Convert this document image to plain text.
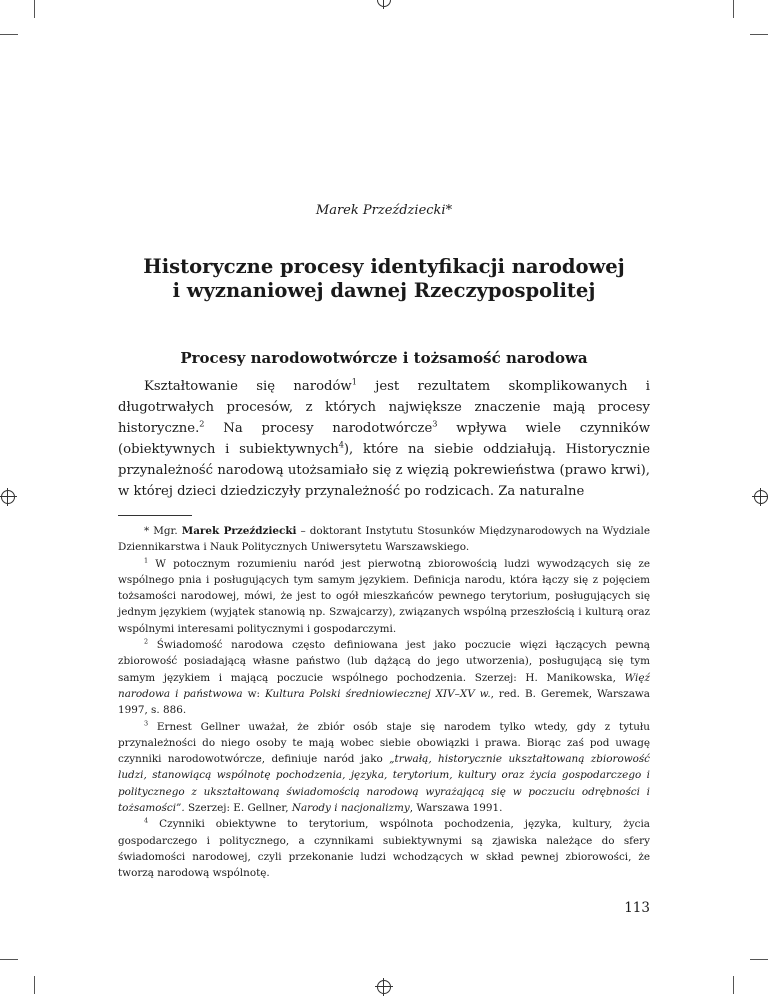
Marek Przeździecki*
Historyczne procesy identyfikacji narodowej
i wyznaniowej dawnej Rzeczypospolitej
Procesy narodowotwórcze i tożsamość narodowa

Kształtowanie się narodów$^1$ jest rezultatem skomplikowanych i długotrwałych procesów, z których największe znaczenie mają procesy historyczne.$^2$ Na procesy narodotwórcze$^3$ wpływa wiele czynników (obiektywnych i subiektywnych$^4$), które na siebie oddziałują. Historycznie przynależność narodową utożsamiało się z więzią pokrewieństwa (prawo krwi), w której dzieci dziedziczyły przynależność po rodzicach. Za naturalne

* Mgr. Marek Przeździecki – doktorant Instytutu Stosunków Międzynarodowych na Wydziale Dziennikarstwa i Nauk Politycznych Uniwersytetu Warszawskiego.

$^1$ W potocznym rozumieniu naród jest pierwotną zbiorowością ludzi wywodzących się ze wspólnego pnia i posługujących tym samym językiem. Definicja narodu, która łączy się z pojęciem tożsamości narodowej, mówi, że jest to ogół mieszkańców pewnego terytorium, posługujących się jednym językiem (wyjątek stanowią np. Szwajcarzy), związanych wspólną przeszłością i kulturą oraz wspólnymi interesami politycznymi i gospodarczymi.

$^2$ Świadomość narodowa często definiowana jest jako poczucie więzi łączących pewną zbiorowość posiadającą własne państwo (lub dążącą do jego utworzenia), posługującą się tym samym językiem i mającą poczucie wspólnego pochodzenia. Szerzej: H. Manikowska, Więź narodowa i państwowa w: Kultura Polski średniowiecznej XIV–XV w., red. B. Geremek, Warszawa 1997, s. 886.

$^3$ Ernest Gellner uważał, że zbiór osób staje się narodem tylko wtedy, gdy z tytułu przynależności do niego osoby te mają wobec siebie obowiązki i prawa. Biorąc zaś pod uwagę czynniki narodowotwórcze, definiuje naród jako „trwałą, historycznie ukształtowaną zbiorowość ludzi, stanowiącą wspólnotę pochodzenia, języka, terytorium, kultury oraz życia gospodarczego i politycznego z ukształtowaną świadomością narodową wyrażającą się w poczuciu odrębności i tożsamości”. Szerzej: E. Gellner, Narody i nacjonalizmy, Warszawa 1991.

$^4$ Czynniki obiektywne to terytorium, wspólnota pochodzenia, języka, kultury, życia gospodarczego i politycznego, a czynnikami subiektywnymi są zjawiska należące do sfery świadomości narodowej, czyli przekonanie ludzi wchodzących w skład pewnej zbiorowości, że tworzą narodową wspólnotę.

113
